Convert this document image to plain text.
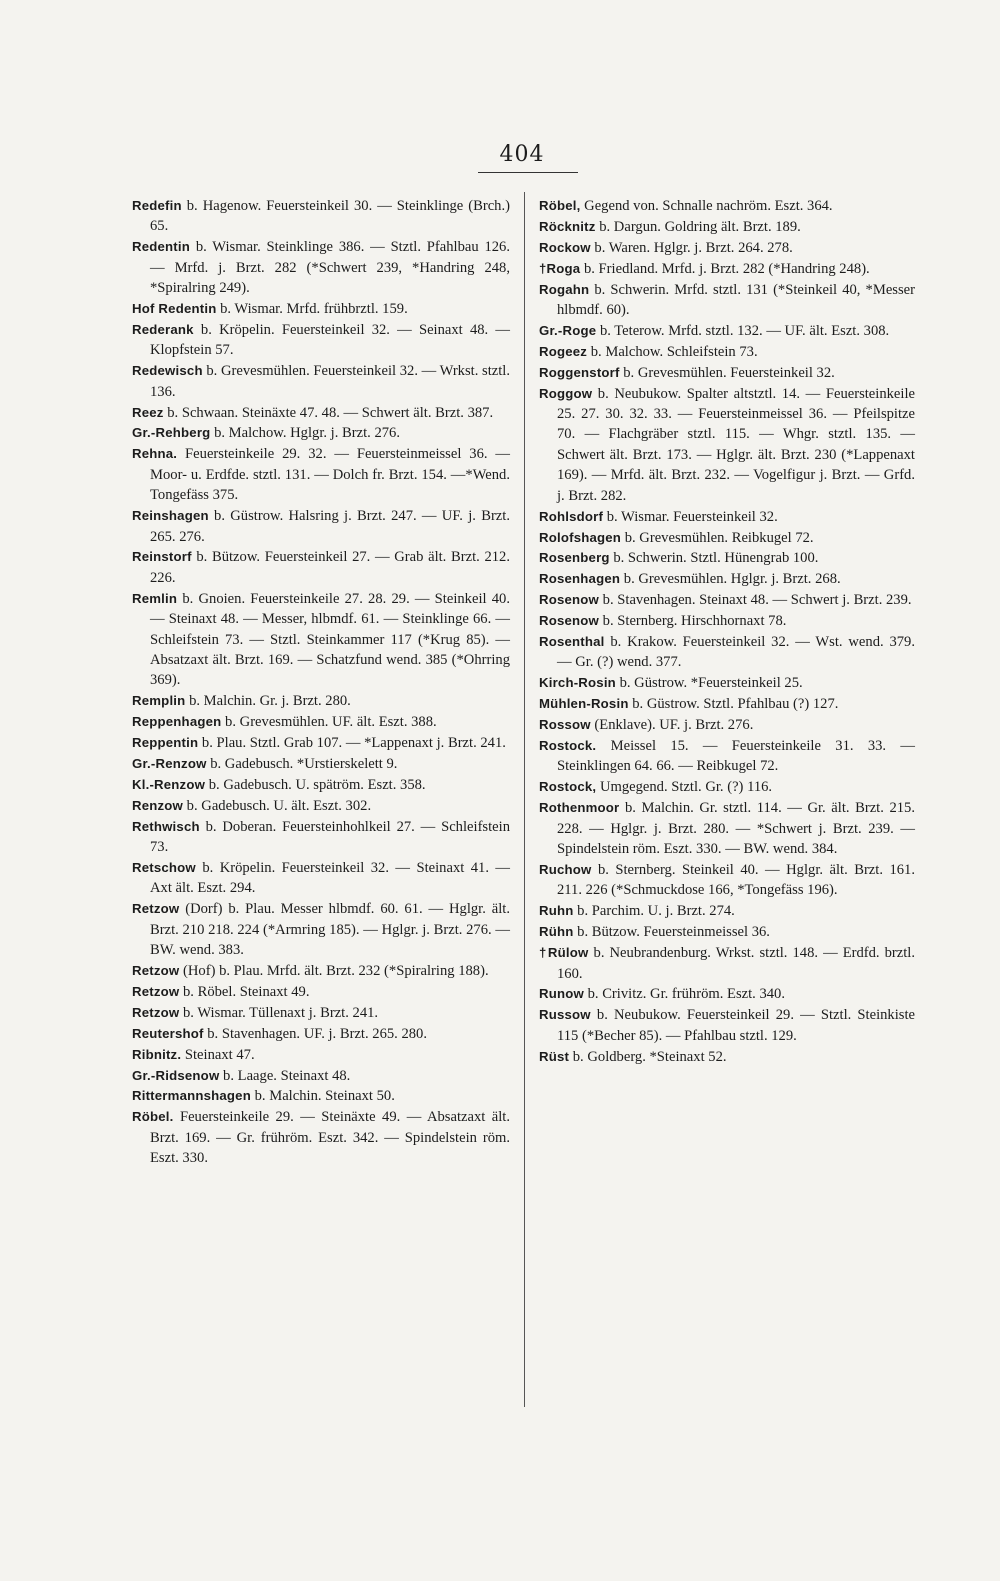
404

Redefin b. Hagenow. Feuersteinkeil 30. — Steinklinge (Brch.) 65.

Redentin b. Wismar. Steinklinge 386. — Stztl. Pfahlbau 126. — Mrfd. j. Brzt. 282 (*Schwert 239, *Handring 248, *Spiralring 249).

Hof Redentin b. Wismar. Mrfd. frühbrztl. 159.

Rederank b. Kröpelin. Feuersteinkeil 32. — Seinaxt 48. — Klopfstein 57.

Redewisch b. Grevesmühlen. Feuersteinkeil 32. — Wrkst. stztl. 136.

Reez b. Schwaan. Steinäxte 47. 48. — Schwert ält. Brzt. 387.

Gr.-Rehberg b. Malchow. Hglgr. j. Brzt. 276.

Rehna. Feuersteinkeile 29. 32. — Feuersteinmeissel 36. — Moor- u. Erdfde. stztl. 131. — Dolch fr. Brzt. 154. —*Wend. Tongefäss 375.

Reinshagen b. Güstrow. Halsring j. Brzt. 247. — UF. j. Brzt. 265. 276.

Reinstorf b. Bützow. Feuersteinkeil 27. — Grab ält. Brzt. 212. 226.

Remlin b. Gnoien. Feuersteinkeile 27. 28. 29. — Steinkeil 40. — Steinaxt 48. — Messer, hlbmdf. 61. — Steinklinge 66. — Schleifstein 73. — Stztl. Steinkammer 117 (*Krug 85). — Absatzaxt ält. Brzt. 169. — Schatzfund wend. 385 (*Ohrring 369).

Remplin b. Malchin. Gr. j. Brzt. 280.

Reppenhagen b. Grevesmühlen. UF. ält. Eszt. 388.

Reppentin b. Plau. Stztl. Grab 107. — *Lappenaxt j. Brzt. 241.

Gr.-Renzow b. Gadebusch. *Urstierskelett 9.

Kl.-Renzow b. Gadebusch. U. spätröm. Eszt. 358.

Renzow b. Gadebusch. U. ält. Eszt. 302.

Rethwisch b. Doberan. Feuersteinhohlkeil 27. — Schleifstein 73.

Retschow b. Kröpelin. Feuersteinkeil 32. — Steinaxt 41. — Axt ält. Eszt. 294.

Retzow (Dorf) b. Plau. Messer hlbmdf. 60. 61. — Hglgr. ält. Brzt. 210 218. 224 (*Armring 185). — Hglgr. j. Brzt. 276. — BW. wend. 383.

Retzow (Hof) b. Plau. Mrfd. ält. Brzt. 232 (*Spiralring 188).

Retzow b. Röbel. Steinaxt 49.

Retzow b. Wismar. Tüllenaxt j. Brzt. 241.

Reutershof b. Stavenhagen. UF. j. Brzt. 265. 280.

Ribnitz. Steinaxt 47.

Gr.-Ridsenow b. Laage. Steinaxt 48.

Rittermannshagen b. Malchin. Steinaxt 50.

Röbel. Feuersteinkeile 29. — Steinäxte 49. — Absatzaxt ält. Brzt. 169. — Gr. frühröm. Eszt. 342. — Spindelstein röm. Eszt. 330.

Röbel, Gegend von. Schnalle nachröm. Eszt. 364.

Röcknitz b. Dargun. Goldring ält. Brzt. 189.

Rockow b. Waren. Hglgr. j. Brzt. 264. 278.

†Roga b. Friedland. Mrfd. j. Brzt. 282 (*Handring 248).

Rogahn b. Schwerin. Mrfd. stztl. 131 (*Steinkeil 40, *Messer hlbmdf. 60).

Gr.-Roge b. Teterow. Mrfd. stztl. 132. — UF. ält. Eszt. 308.

Rogeez b. Malchow. Schleifstein 73.

Roggenstorf b. Grevesmühlen. Feuersteinkeil 32.

Roggow b. Neubukow. Spalter altstztl. 14. — Feuersteinkeile 25. 27. 30. 32. 33. — Feuersteinmeissel 36. — Pfeilspitze 70. — Flachgräber stztl. 115. — Whgr. stztl. 135. — Schwert ält. Brzt. 173. — Hglgr. ält. Brzt. 230 (*Lappenaxt 169). — Mrfd. ält. Brzt. 232. — Vogelfigur j. Brzt. — Grfd. j. Brzt. 282.

Rohlsdorf b. Wismar. Feuersteinkeil 32.

Rolofshagen b. Grevesmühlen. Reibkugel 72.

Rosenberg b. Schwerin. Stztl. Hünengrab 100.

Rosenhagen b. Grevesmühlen. Hglgr. j. Brzt. 268.

Rosenow b. Stavenhagen. Steinaxt 48. — Schwert j. Brzt. 239.

Rosenow b. Sternberg. Hirschhornaxt 78.

Rosenthal b. Krakow. Feuersteinkeil 32. — Wst. wend. 379. — Gr. (?) wend. 377.

Kirch-Rosin b. Güstrow. *Feuersteinkeil 25.

Mühlen-Rosin b. Güstrow. Stztl. Pfahlbau (?) 127.

Rossow (Enklave). UF. j. Brzt. 276.

Rostock. Meissel 15. — Feuersteinkeile 31. 33. — Steinklingen 64. 66. — Reibkugel 72.

Rostock, Umgegend. Stztl. Gr. (?) 116.

Rothenmoor b. Malchin. Gr. stztl. 114. — Gr. ält. Brzt. 215. 228. — Hglgr. j. Brzt. 280. — *Schwert j. Brzt. 239. — Spindelstein röm. Eszt. 330. — BW. wend. 384.

Ruchow b. Sternberg. Steinkeil 40. — Hglgr. ält. Brzt. 161. 211. 226 (*Schmuckdose 166, *Tongefäss 196).

Ruhn b. Parchim. U. j. Brzt. 274.

Rühn b. Bützow. Feuersteinmeissel 36.

†Rülow b. Neubrandenburg. Wrkst. stztl. 148. — Erdfd. brztl. 160.

Runow b. Crivitz. Gr. frühröm. Eszt. 340.

Russow b. Neubukow. Feuersteinkeil 29. — Stztl. Steinkiste 115 (*Becher 85). — Pfahlbau stztl. 129.

Rüst b. Goldberg. *Steinaxt 52.
